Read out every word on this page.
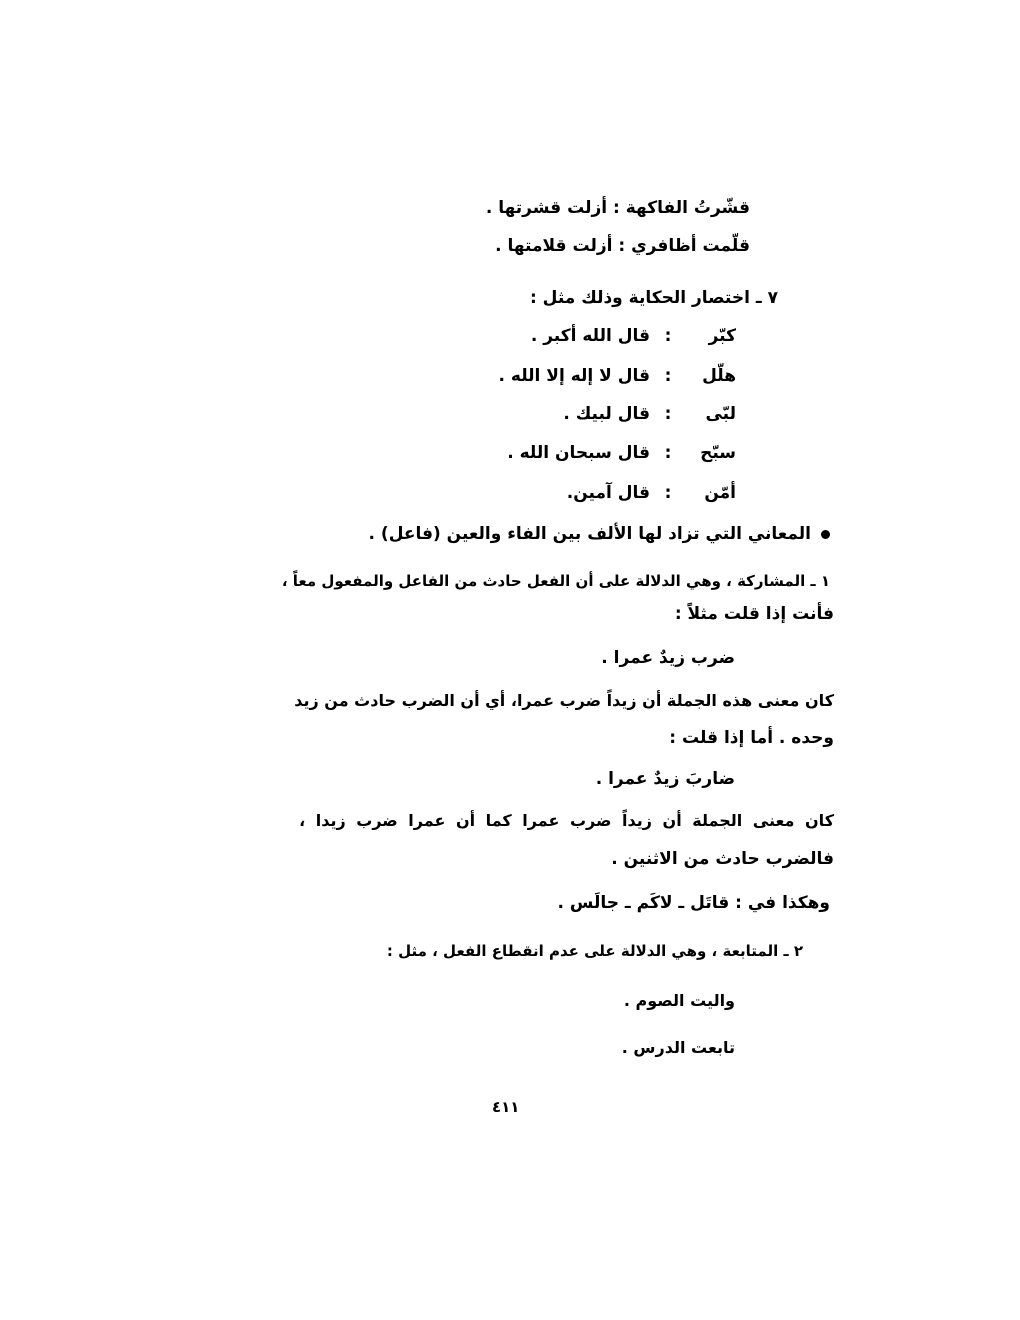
قشّرتُ الفاكهة : أزلت قشرتها .
قلّمت أظافري : أزلت قلامتها .
٧ ـ اختصار الحكاية وذلك مثل :
كبّر:قال الله أكبر .
هلّل:قال لا إله إلا الله .
لبّى:قال لبيك .
سبّح:قال سبحان الله .
أمّن:قال آمين.
المعاني التي تزاد لها الألف بين الفاء والعين (فاعل) .
١ ـ المشاركة ، وهي الدلالة على أن الفعل حادث من الفاعل والمفعول معاً ،
فأنت إذا قلت مثلاً :
ضرب زيدٌ عمرا .
كان معنى هذه الجملة أن زيداً ضرب عمرا، أي أن الضرب حادث من زيد
وحده . أما إذا قلت :
ضاربَ زيدٌ عمرا .
كان معنى الجملة أن زيداً ضرب عمرا كما أن عمرا ضرب زيدا ،
فالضرب حادث من الاثنين .
وهكذا في : قاتَل ـ لاكَم ـ جالَس .
٢ ـ المتابعة ، وهي الدلالة على عدم انقطاع الفعل ، مثل :
واليت الصوم .
تابعت الدرس .
٤١١
